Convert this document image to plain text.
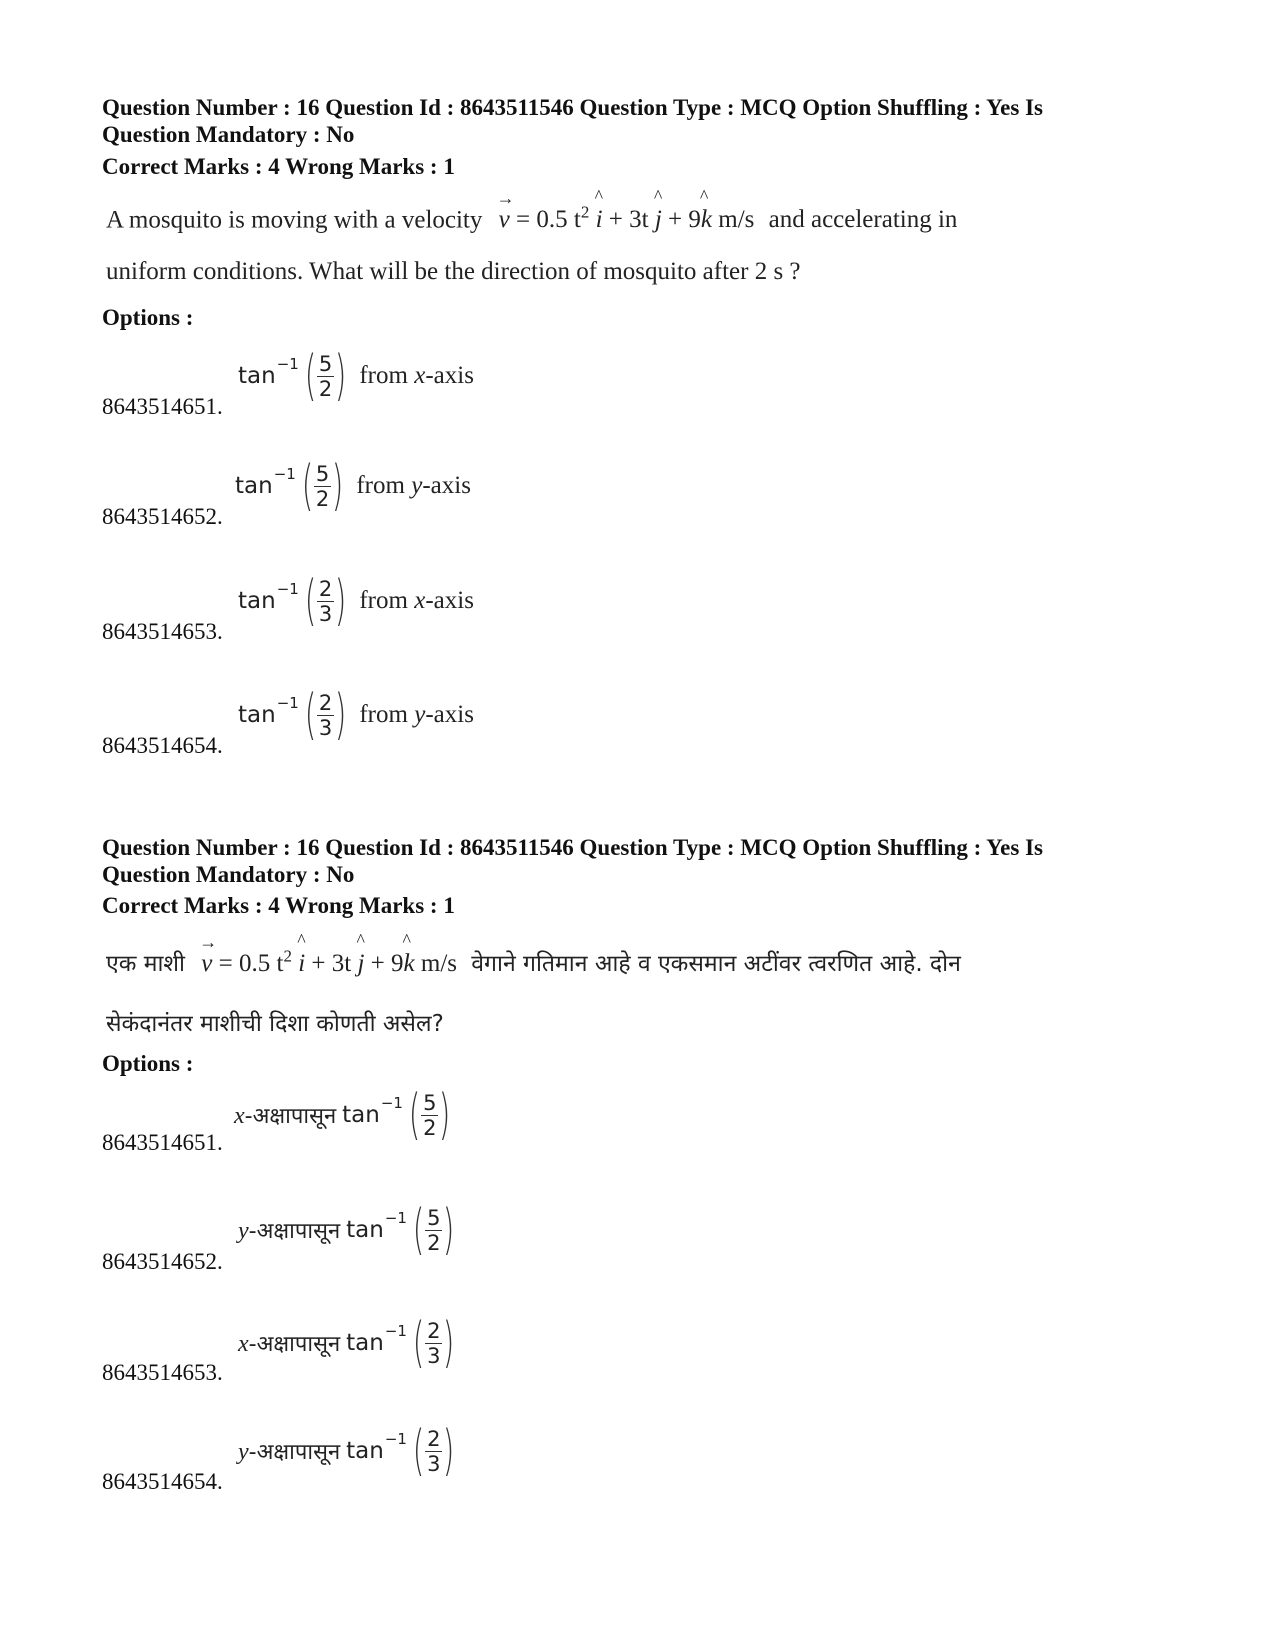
Question Number : 16 Question Id : 8643511546 Question Type : MCQ Option Shuffling : Yes Is
Question Mandatory : No
Correct Marks : 4 Wrong Marks : 1
A mosquito is moving with a velocity
→
v = 0.5 $t^2$
^
i + 3t
^
j + 9
^
k m/s and accelerating in
uniform conditions. What will be the direction of mosquito after 2 s ?
Options :
tan −1 ( $\frac{5}{2}$ ) from x-axis
8643514651.
tan −1 ( $\frac{5}{2}$ ) from y-axis
8643514652.
tan −1 ( $\frac{2}{3}$ ) from x-axis
8643514653.
tan −1 ( $\frac{2}{3}$ ) from y-axis
8643514654.
Question Number : 16 Question Id : 8643511546 Question Type : MCQ Option Shuffling : Yes Is
Question Mandatory : No
Correct Marks : 4 Wrong Marks : 1
एक माशी
→
v = 0.5 $t^2$
^
i + 3t
^
j + 9
^
k m/s वेगाने गतिमान आहे व एकसमान अटींवर त्वरणित आहे. दोन
सेकंदानंतर माशीची दिशा कोणती असेल?
Options :
x-अक्षापासून tan −1 ( $\frac{5}{2}$ )
8643514651.
y-अक्षापासून tan −1 ( $\frac{5}{2}$ )
8643514652.
x-अक्षापासून tan −1 ( $\frac{2}{3}$ )
8643514653.
y-अक्षापासून tan −1 ( $\frac{2}{3}$ )
8643514654.
